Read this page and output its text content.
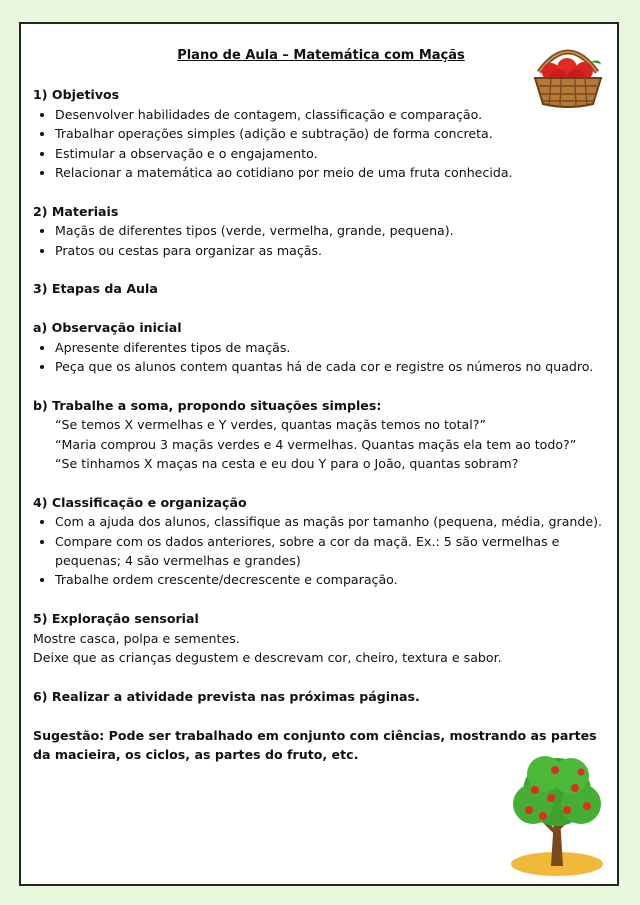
Plano de Aula – Matemática com Maçãs

1) Objetivos

• Desenvolver habilidades de contagem, classificação e comparação.
• Trabalhar operações simples (adição e subtração) de forma concreta.
• Estimular a observação e o engajamento.
• Relacionar a matemática ao cotidiano por meio de uma fruta conhecida.

2) Materiais

• Maçãs de diferentes tipos (verde, vermelha, grande, pequena).
• Pratos ou cestas para organizar as maçãs.

3) Etapas da Aula

a) Observação inicial

• Apresente diferentes tipos de maçãs.
• Peça que os alunos contem quantas há de cada cor e registre os números no quadro.

b) Trabalhe a soma, propondo situações simples:

“Se temos X vermelhas e Y verdes, quantas maçãs temos no total?”

“Maria comprou 3 maçãs verdes e 4 vermelhas. Quantas maçãs ela tem ao todo?”

“Se tinhamos X maças na cesta e eu dou Y para o João, quantas sobram?

4) Classificação e organização

• Com a ajuda dos alunos, classifique as maçãs por tamanho (pequena, média, grande).
• Compare com os dados anteriores, sobre a cor da maçã. Ex.: 5 são vermelhas e pequenas; 4 são vermelhas e grandes)
• Trabalhe ordem crescente/decrescente e comparação.

5) Exploração sensorial

Mostre casca, polpa e sementes.

Deixe que as crianças degustem e descrevam cor, cheiro, textura e sabor.

6) Realizar a atividade prevista nas próximas páginas.

Sugestão: Pode ser trabalhado em conjunto com ciências, mostrando as partes da macieira, os ciclos, as partes do fruto, etc.
